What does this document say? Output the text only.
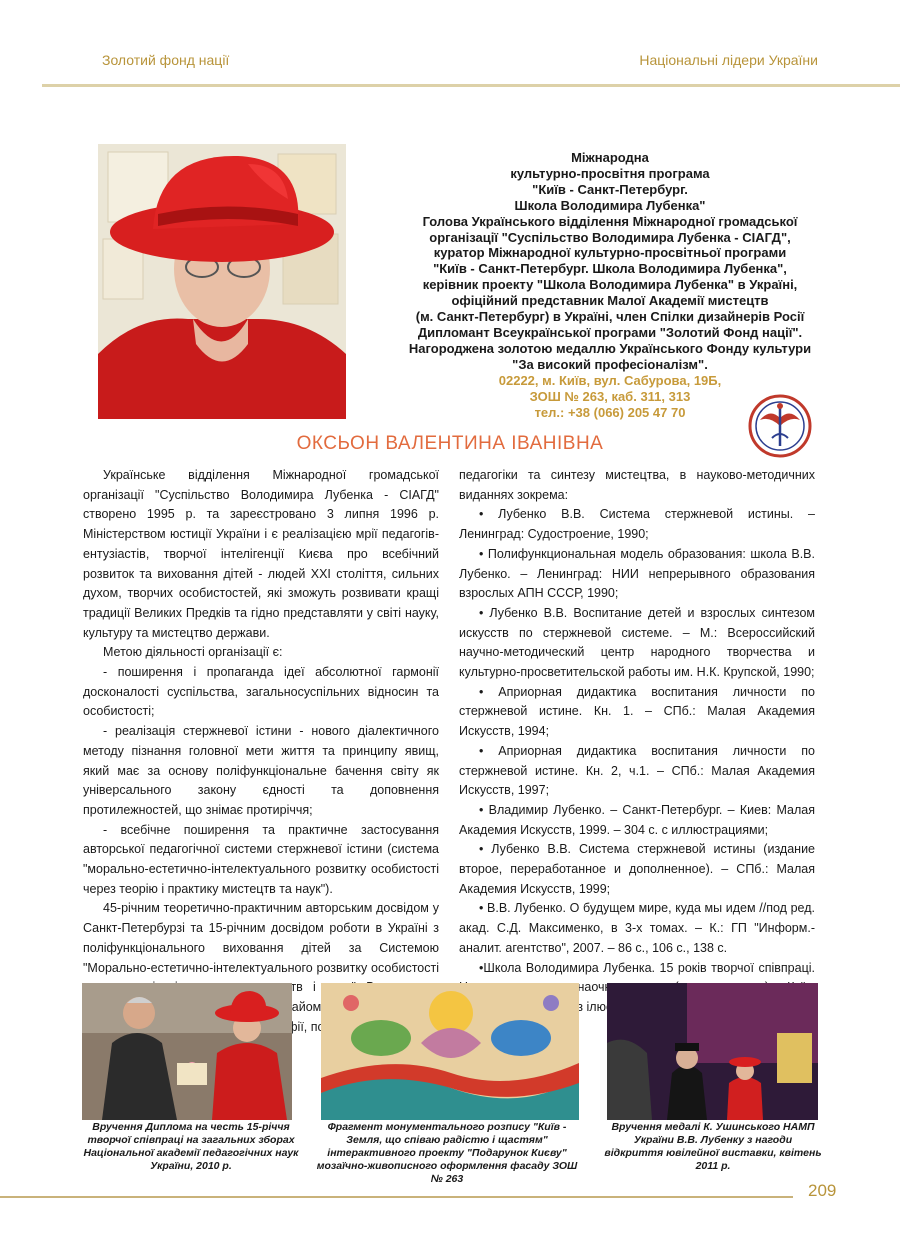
Золотий фонд нації	Національні лідери України
Міжнародна
культурно-просвітня програма
"Київ - Санкт-Петербург.
Школа Володимира Лубенка"
Голова Українського відділення Міжнародної громадської
організації "Суспільство Володимира Лубенка - СІАГД",
куратор Міжнародної культурно-просвітньої програми
"Київ - Санкт-Петербург. Школа Володимира Лубенка",
керівник проекту "Школа Володимира Лубенка" в Україні,
офіційний представник Малої Академії мистецтв
(м. Санкт-Петербург) в Україні, член Спілки дизайнерів Росії
Дипломант Всеукраїнської програми "Золотий Фонд нації".
Нагороджена золотою медаллю Українського Фонду культури
"За високий професіоналізм".
02222, м. Київ, вул. Сабурова, 19Б,
ЗОШ № 263, каб. 311, 313
тел.: +38 (066) 205 47 70
ОКСЬОН ВАЛЕНТИНА ІВАНІВНА

Українське відділення Міжнародної громадської організації "Суспільство Володимира Лубенка - СІАГД" створено 1995 р. та зареєстровано 3 липня 1996 р. Міністерством юстиції України і є реалізацією мрії педагогів-ентузіастів, творчої інтелігенції Києва про всебічний розвиток та виховання дітей - людей XXI століття, сильних духом, творчих особистостей, які зможуть розвивати кращі традиції Великих Предків та гідно представляти у світі науку, культуру та мистецтво держави.

Метою діяльності організації є:

- поширення і пропаганда ідеї абсолютної гармонії досконалості суспільства, загальносуспільних відносин та особистості;

- реалізація стержневої істини - нового діалектичного методу пізнання головної мети життя та принципу явищ, який має за основу поліфункціональне бачення світу як універсального закону єдності та доповнення протилежностей, що знімає протиріччя;

- всебічне поширення та практичне застосування авторської педагогічної системи стержневої істини (система "морально-естетично-інтелектуального розвитку особистості через теорію і практику мистецтв та наук").

45-річним теоретично-практичним авторським досвідом у Санкт-Петербурзі та 15-річним досвідом роботи в Україні з поліфункціонального виховання дітей за Системою "Морально-естетично-інтелектуального розвитку особистості і ознайомитись

педагогіки та синтезу мистецтва, в науково-методичних виданнях зокрема:

• Лубенко В.В. Система стержневой истины. – Ленинград: Судостроение, 1990;

• Полифункциональная модель образования: школа В.В. Лубенко. – Ленинград: НИИ непрерывного образования взрослых АПН СССР, 1990;

• Лубенко В.В. Воспитание детей и взрослых синтезом искусств по стержневой системе. – М.: Всероссийский научно-методический центр народного творчества и культурно-просветительской работы им. Н.К. Крупской, 1990;

• Априорная дидактика воспитания личности по стержневой истине. Кн. 1. – СПб.: Малая Академия Искусств, 1994;

• Априорная дидактика воспитания личности по стержневой истине. Кн. 2, ч.1. – СПб.: Малая Академия Искусств, 1997;

• Владимир Лубенко. – Санкт-Петербург. – Киев: Малая Академия Искусств, 1999. – 304 с. с иллюстрациями;

• Лубенко В.В. Система стержневой истины (издание второе, переработанное и дополненное). – СПб.: Малая Академия Искусств, 1999;

• В.В. Лубенко. О будущем мире, куда мы идем //под ред. акад. С.Д. Максименко, в 3-х томах. – К.: ГП "Информ.-аналит. агентство", 2007. – 86 с., 106 с., 138 с.

•Школа Володимира Лубенка. 15 років творчої співпраці. з

Вручення Диплома на честь 15-річчя творчої співпраці на загальних зборах Національної академії педагогічних наук України, 2010 р.
Фрагмент монументального розпису "Київ - Земля, що співаю радістю і щастям" інтерактивного проекту "Подарунок Києву" мозаїчно-живописного оформлення фасаду ЗОШ № 263
Вручення медалі К. Ушинського НАМП України В.В. Лубенку з нагоди відкриття ювілейної виставки, квітень 2011 р.
209
